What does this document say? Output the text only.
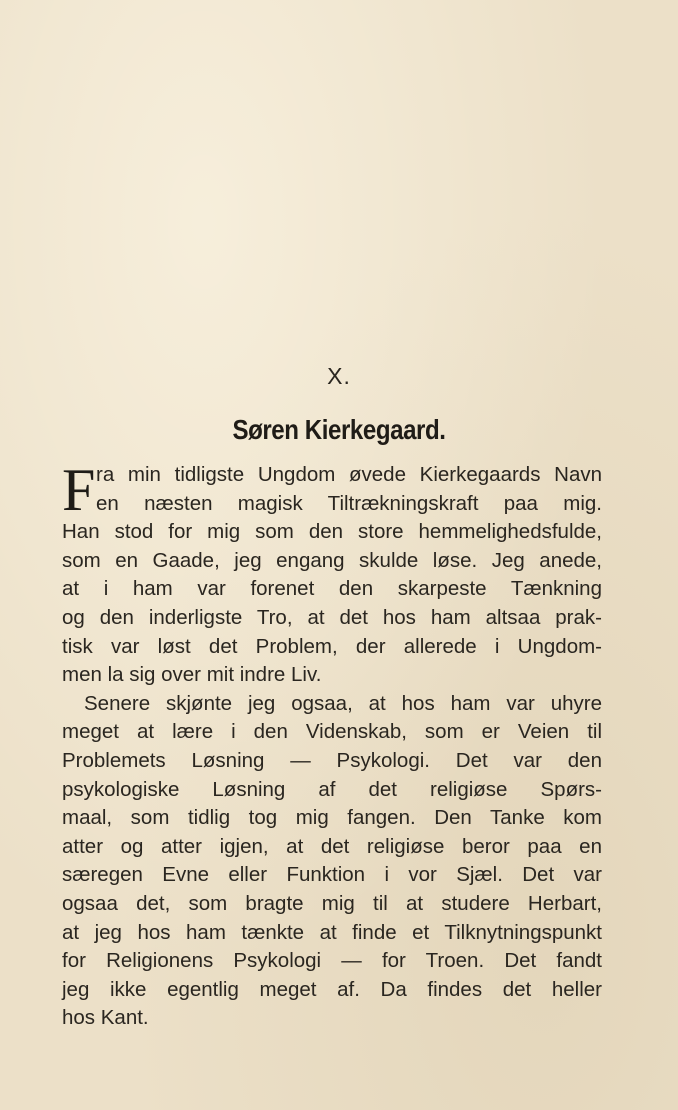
X.
Søren Kierkegaard.
F ra min tidligste Ungdom øvede Kierkegaards Navn
en næsten magisk Tiltrækningskraft paa mig.
Han stod for mig som den store hemmelighedsfulde,
som en Gaade, jeg engang skulde løse. Jeg anede,
at i ham var forenet den skarpeste Tænkning
og den inderligste Tro, at det hos ham altsaa prak-
tisk var løst det Problem, der allerede i Ungdom-
men la sig over mit indre Liv.
Senere skjønte jeg ogsaa, at hos ham var uhyre
meget at lære i den Videnskab, som er Veien til
Problemets Løsning — Psykologi. Det var den
psykologiske Løsning af det religiøse Spørs-
maal, som tidlig tog mig fangen. Den Tanke kom
atter og atter igjen, at det religiøse beror paa en
særegen Evne eller Funktion i vor Sjæl. Det var
ogsaa det, som bragte mig til at studere Herbart,
at jeg hos ham tænkte at finde et Tilknytningspunkt
for Religionens Psykologi — for Troen. Det fandt
jeg ikke egentlig meget af. Da findes det heller
hos Kant.
